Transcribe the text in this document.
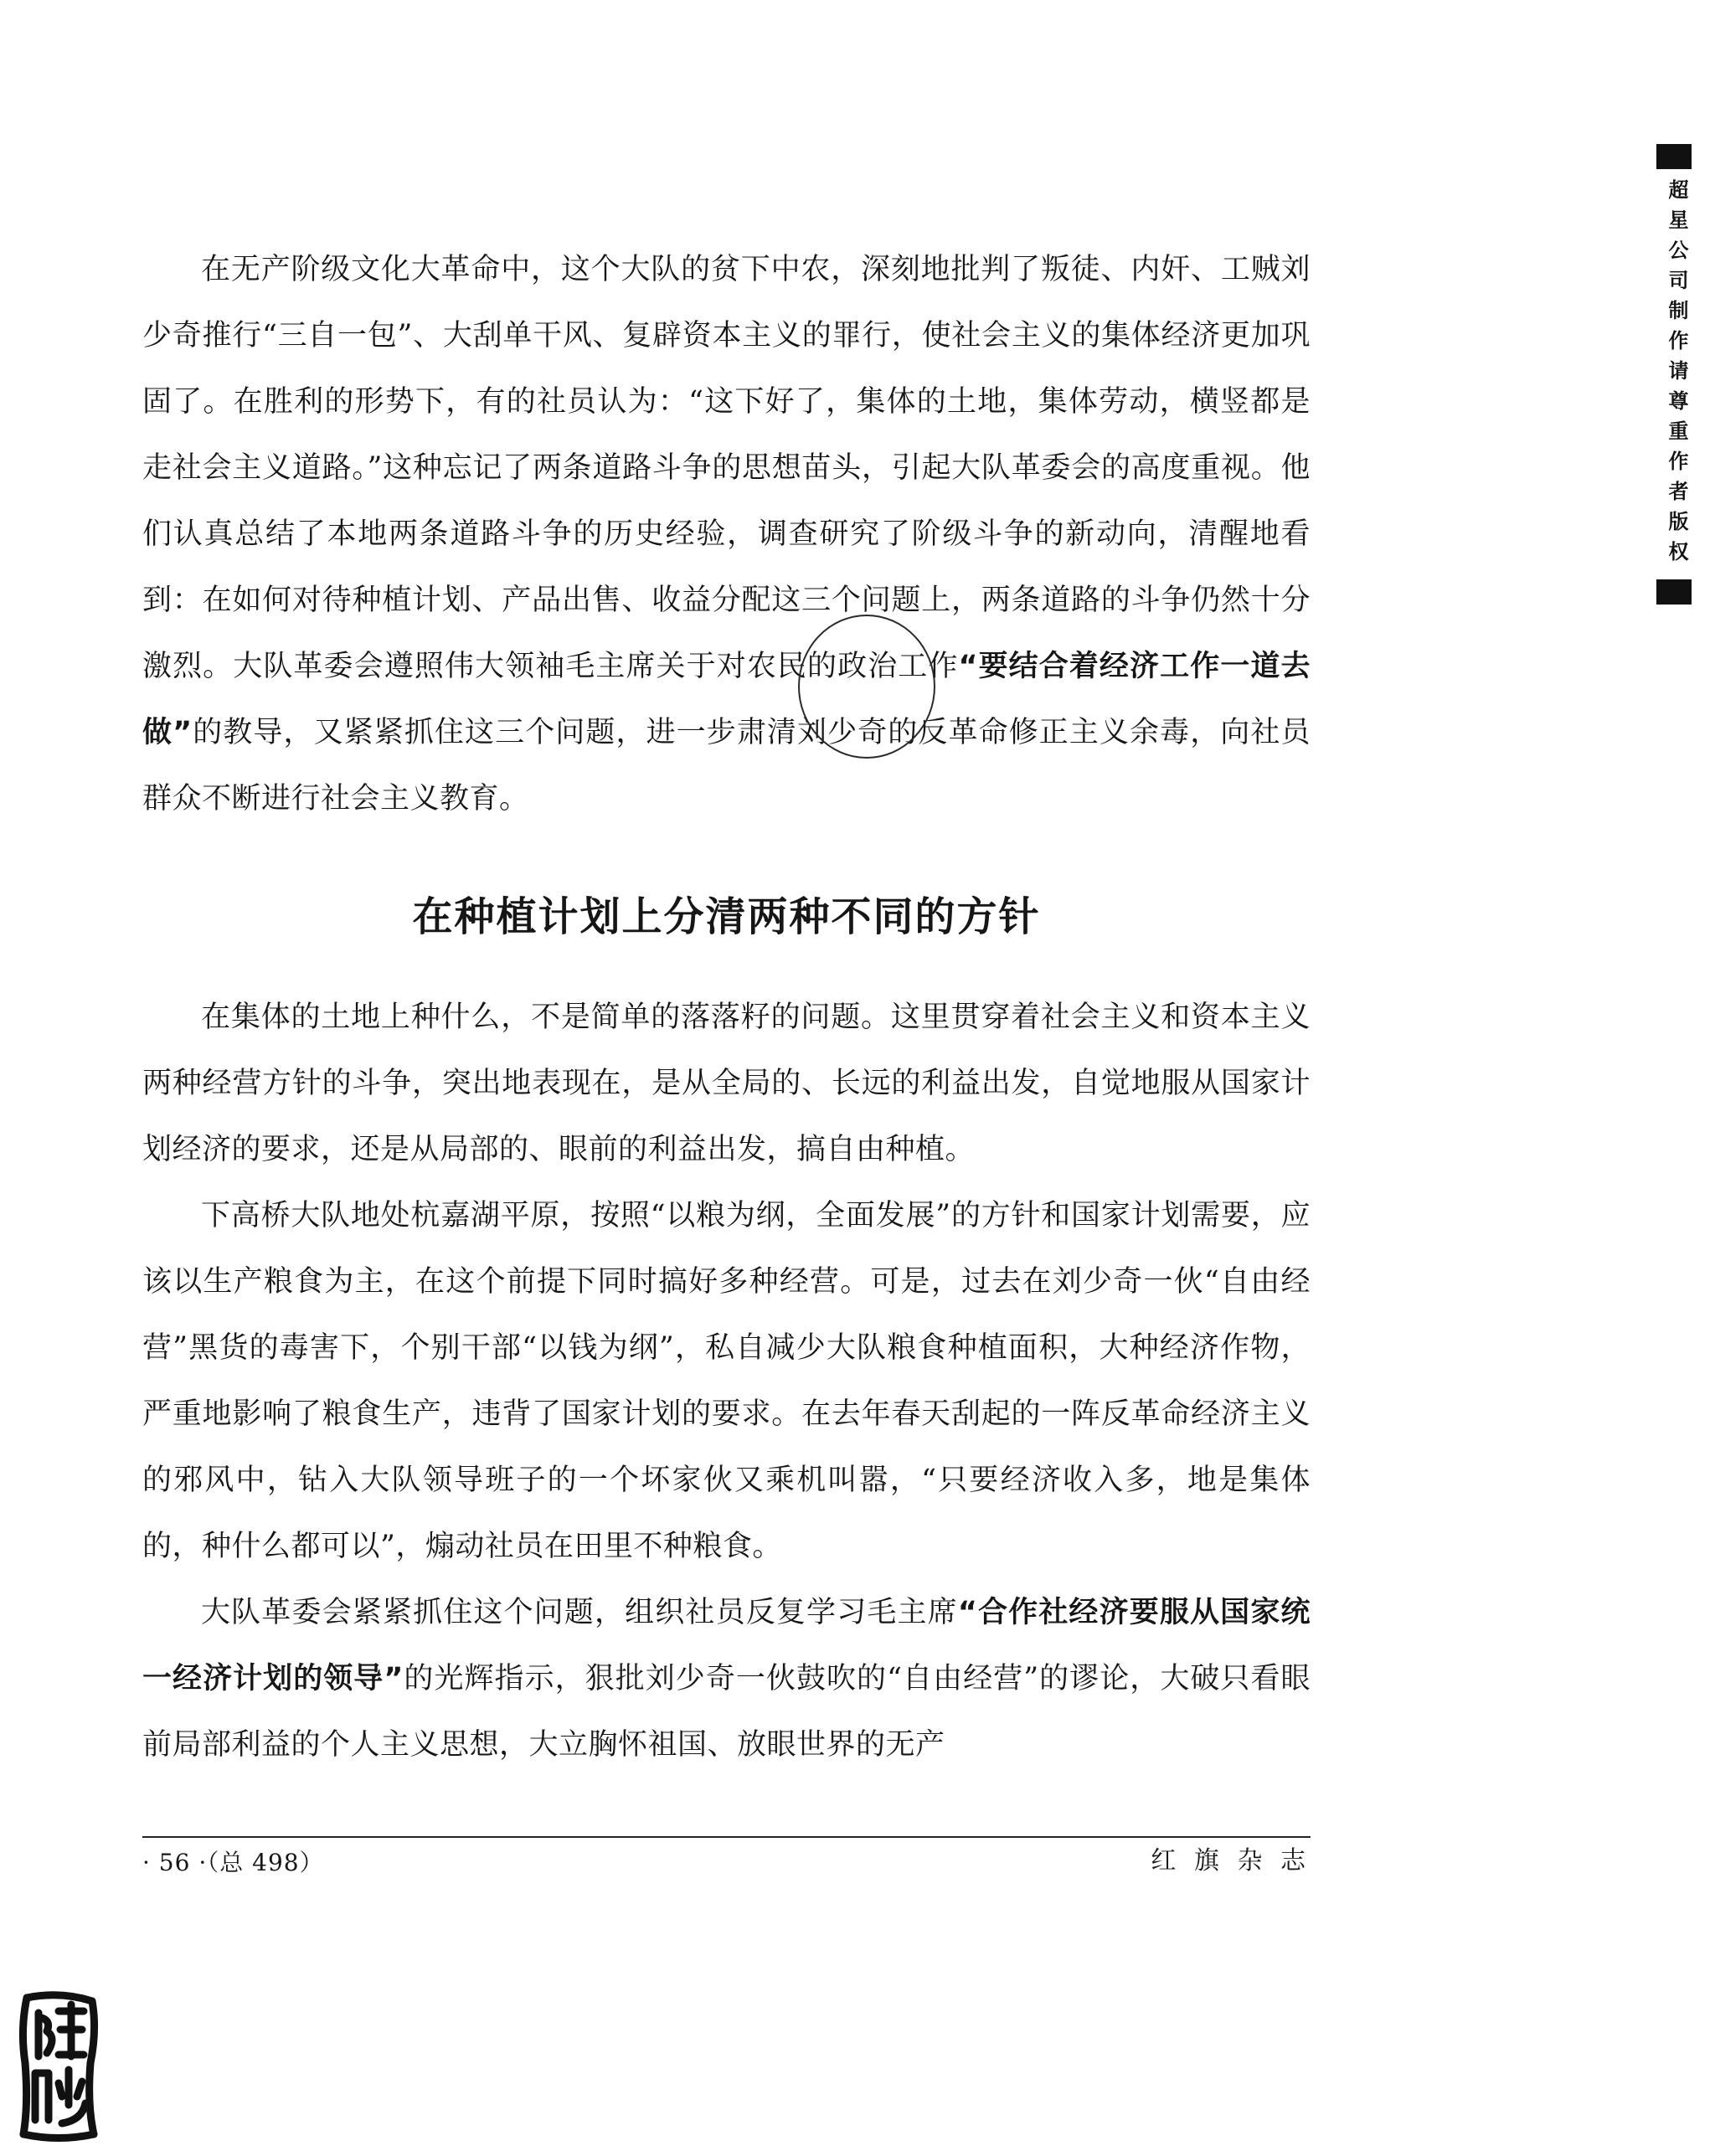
超星公司制作请尊重作者版权

在无产阶级文化大革命中，这个大队的贫下中农，深刻地批判了叛徒、内奸、工贼刘少奇推行“三自一包”、大刮单干风、复辟资本主义的罪行，使社会主义的集体经济更加巩固了。在胜利的形势下，有的社员认为：“这下好了，集体的土地，集体劳动，横竖都是走社会主义道路。”这种忘记了两条道路斗争的思想苗头，引起大队革委会的高度重视。他们认真总结了本地两条道路斗争的历史经验，调查研究了阶级斗争的新动向，清醒地看到：在如何对待种植计划、产品出售、收益分配这三个问题上，两条道路的斗争仍然十分激烈。大队革委会遵照伟大领袖毛主席关于对农民的政治工作“要结合着经济工作一道去做”的教导，又紧紧抓住这三个问题，进一步肃清刘少奇的反革命修正主义余毒，向社员群众不断进行社会主义教育。

在种植计划上分清两种不同的方针

在集体的土地上种什么，不是简单的落落籽的问题。这里贯穿着社会主义和资本主义两种经营方针的斗争，突出地表现在，是从全局的、长远的利益出发，自觉地服从国家计划经济的要求，还是从局部的、眼前的利益出发，搞自由种植。

下高桥大队地处杭嘉湖平原，按照“以粮为纲，全面发展”的方针和国家计划需要，应该以生产粮食为主，在这个前提下同时搞好多种经营。可是，过去在刘少奇一伙“自由经营”黑货的毒害下，个别干部“以钱为纲”，私自减少大队粮食种植面积，大种经济作物，严重地影响了粮食生产，违背了国家计划的要求。在去年春天刮起的一阵反革命经济主义的邪风中，钻入大队领导班子的一个坏家伙又乘机叫嚣，“只要经济收入多，地是集体的，种什么都可以”，煽动社员在田里不种粮食。

大队革委会紧紧抓住这个问题，组织社员反复学习毛主席“合作社经济要服从国家统一经济计划的领导”的光辉指示，狠批刘少奇一伙鼓吹的“自由经营”的谬论，大破只看眼前局部利益的个人主义思想，大立胸怀祖国、放眼世界的无产

· 56 ·（总 498）	红 旗 杂 志
